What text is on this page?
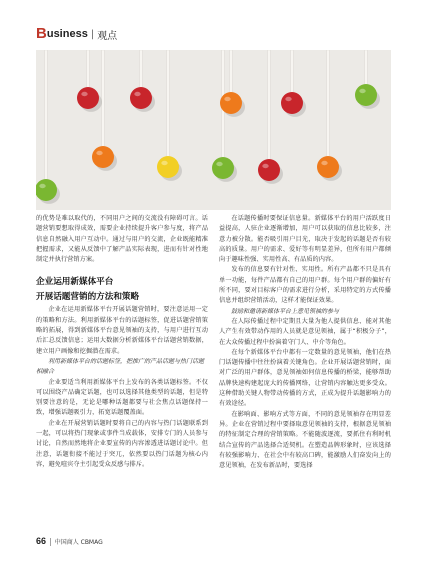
B usiness | 观点

的优势是难以取代的，不同用户之间的交流没有障碍可言。话题营销要想取得成效，需要企业持续提升客户参与度，将产品信息自然融入用户互动中。通过与用户的交流，企业既能精准把握需求，又能从反馈中了解产品实际表现，进而有针对性地制定并执行营销方案。

企业运用新媒体平台

开展话题营销的方法和策略

企业在运用新媒体平台开展话题营销时，要注意运用一定的策略和方法。利用新媒体平台的话题标签，促进话题营销策略的拓展，得到新媒体平台意见领袖的支持，与用户进行互动后汇总反馈信息；运用大数据分析新媒体平台话题营销数据，建立用户画像和挖掘潜在需求。

利用新媒体平台的话题标签，把推广的产品话题与热门话题相融合

企业要适当利用新媒体平台上发布的各类话题标签。不仅可以围绕产品确定话题，也可以选择其他类型的话题，但是特别要注意的是，无论是哪种话题都要与社会焦点话题保持一致，增强话题吸引力，拓宽话题覆盖面。

企业在开展营销话题时要将自己的内容与热门话题联系到一起，可以将热门现象或事件当成载体，安排专门的人员参与讨论，自然而然地将企业要宣传的内容渗透进话题讨论中。但注意，话题衔接不能过于突兀，依然要以热门话题为核心内容，避免喧宾夺主引起受众反感与排斥。

在话题传播时要保证信息量。新媒体平台的用户活跃度日益提高，人驻企业逐渐增加，用户可以获取的信息比较多，注意力被分散。能否吸引用户目光，取决于发起的话题是否有较高的质量。用户的需求、爱好等有明显差异，但所有用户都倾向于趣味性强、实用性高、有品质的内容。

发布的信息要有针对性、实用性。所有产品都不只是具有单一功能，每件产品都有自己的用户群。每个用户群的偏好有所不同，要对目标客户的需求进行分析，采用特定的方式传播信息并组织营销活动，这样才能保证效果。

鼓励和邀请新媒体平台上意见领袖的参与

在人际传播过程中定期且大量为他人提供信息、能对其他人产生有效带动作用的人员就是意见领袖，属于“积极分子”，在大众传播过程中扮演着守门人、中介等角色。

在每个新媒体平台中都有一定数量的意见领袖，他们在热门话题传播中往往扮演着关键角色。企业开展话题营销时，面对广泛的用户群体，意见领袖如何信息传播的桥梁，能够帮助品牌快速构建起庞大的传播网络，让营销内容触达更多受众。这种借助关键人物带动传播的方式，正成为提升话题影响力的有效途径。

在影响面、影响方式等方面，不同的意见领袖存在明显差异。企业在营销过程中要择取意见领袖的支持，根据意见领袖的特征制定合理的营销策略。不能随波逐流，要抓住有利时机结合宣传的产品选择合适契机。在塑造品牌形象时，应该选择有较强影响力、在社会中有较高口碑，能激励人们奋发向上的意见领袖，在发布新品时，要选择

66 | 中国商人 CBMAG
